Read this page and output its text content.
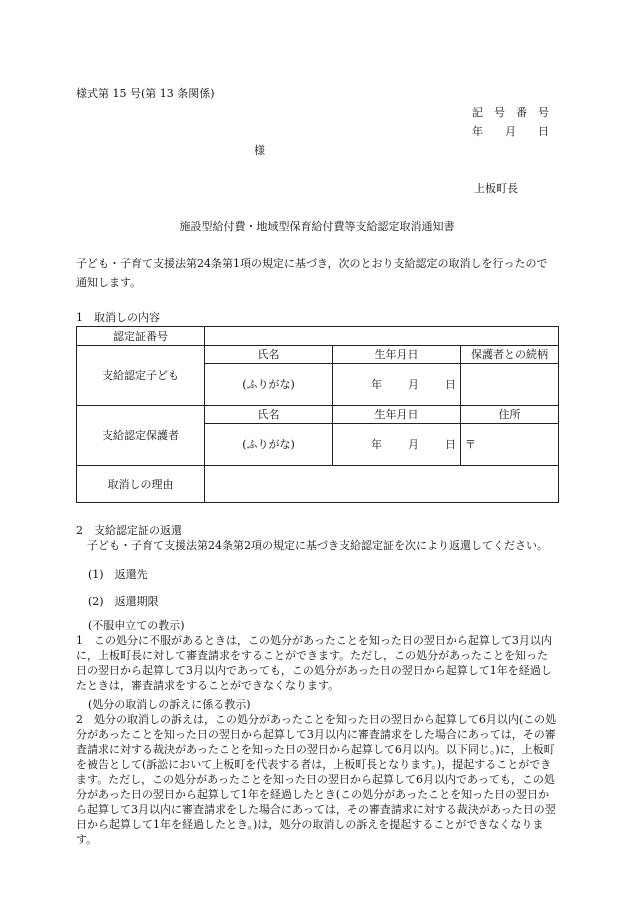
様式第 15 号(第 13 条関係)
記　号　番　号
年　　月　　日
様
上板町長
施設型給付費・地域型保育給付費等支給認定取消通知書
子ども・子育て支援法第24条第1項の規定に基づき，次のとおり支給認定の取消しを行ったので通知します。
1　取消しの内容
認定証番号			
支給認定子ども	氏名	生年月日	保護者との続柄
	(ふりがな)	年 月 日	
支給認定保護者	氏名	生年月日	住所
	(ふりがな)	年 月 日	〒
取消しの理由			
2　支給認定証の返還
子ども・子育て支援法第24条第2項の規定に基づき支給認定証を次により返還してください。
(1)　返還先
(2)　返還期限
(不服申立ての教示)
1　この処分に不服があるときは，この処分があったことを知った日の翌日から起算して3月以内に，上板町長に対して審査請求をすることができます。ただし，この処分があったことを知った日の翌日から起算して3月以内であっても，この処分があった日の翌日から起算して1年を経過したときは，審査請求をすることができなくなります。
(処分の取消しの訴えに係る教示)
2　処分の取消しの訴えは，この処分があったことを知った日の翌日から起算して6月以内(この処分があったことを知った日の翌日から起算して3月以内に審査請求をした場合にあっては，その審査請求に対する裁決があったことを知った日の翌日から起算して6月以内。以下同じ。)に，上板町を被告として(訴訟において上板町を代表する者は，上板町長となります。)，提起することができます。ただし，この処分があったことを知った日の翌日から起算して6月以内であっても，この処分があった日の翌日から起算して1年を経過したとき(この処分があったことを知った日の翌日から起算して3月以内に審査請求をした場合にあっては，その審査請求に対する裁決があった日の翌日から起算して1年を経過したとき。)は，処分の取消しの訴えを提起することができなくなります。
